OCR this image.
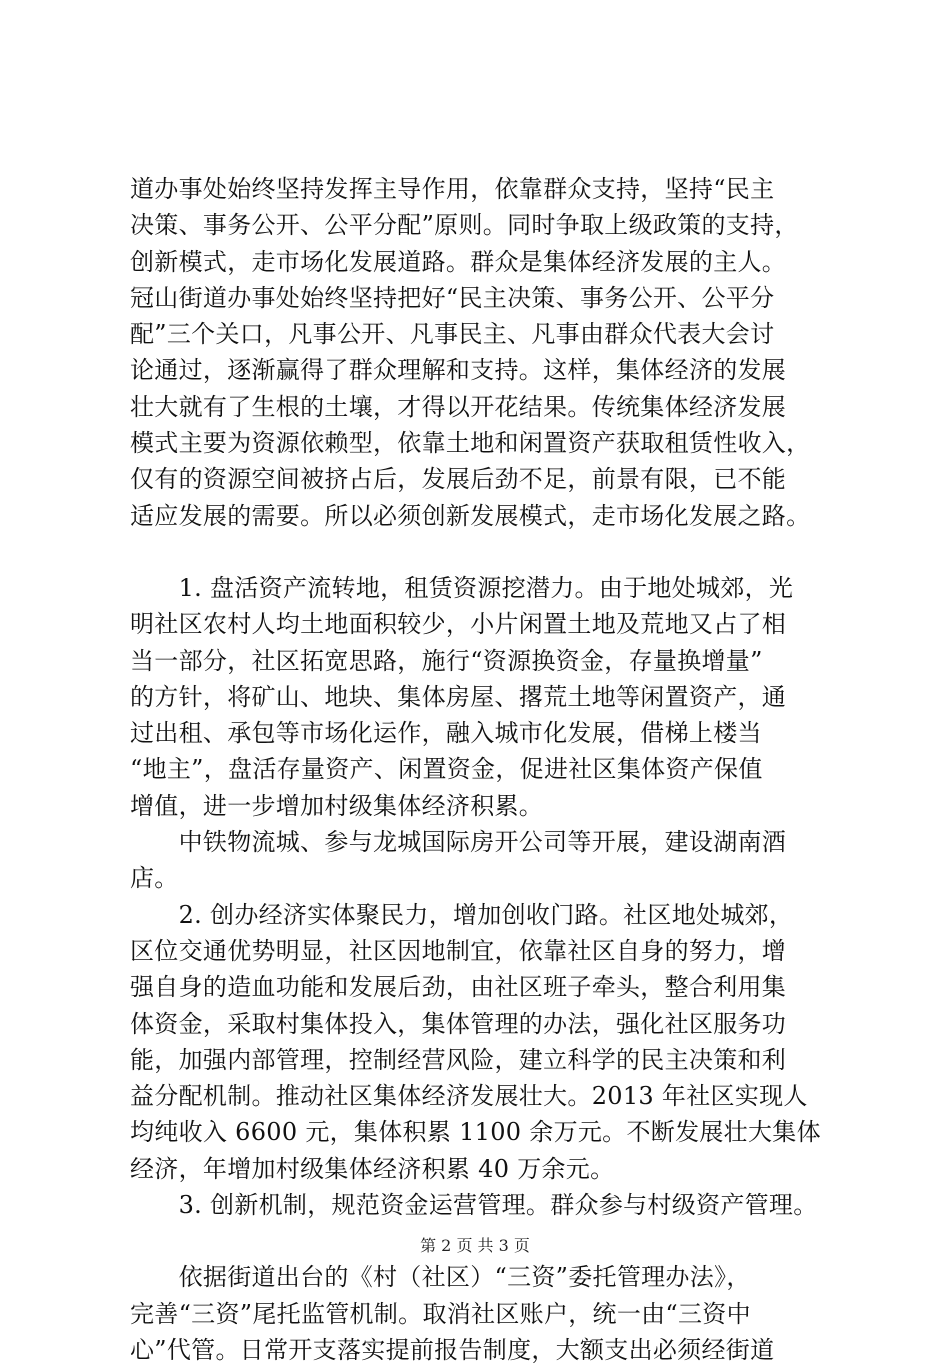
道办事处始终坚持发挥主导作用，依靠群众支持，坚持“民主
决策、事务公开、公平分配”原则。同时争取上级政策的支持，
创新模式，走市场化发展道路。群众是集体经济发展的主人。
冠山街道办事处始终坚持把好“民主决策、事务公开、公平分
配”三个关口，凡事公开、凡事民主、凡事由群众代表大会讨
论通过，逐渐赢得了群众理解和支持。这样，集体经济的发展
壮大就有了生根的土壤，才得以开花结果。传统集体经济发展
模式主要为资源依赖型，依靠土地和闲置资产获取租赁性收入，
仅有的资源空间被挤占后，发展后劲不足，前景有限，已不能
适应发展的需要。所以必须创新发展模式，走市场化发展之路。
　　1. 盘活资产流转地，租赁资源挖潜力。由于地处城郊，光
明社区农村人均土地面积较少，小片闲置土地及荒地又占了相
当一部分，社区拓宽思路，施行“资源换资金，存量换增量”
的方针，将矿山、地块、集体房屋、撂荒土地等闲置资产，通
过出租、承包等市场化运作，融入城市化发展，借梯上楼当
“地主”，盘活存量资产、闲置资金，促进社区集体资产保值
增值，进一步增加村级集体经济积累。
　　中铁物流城、参与龙城国际房开公司等开展，建设湖南酒
店。
　　2. 创办经济实体聚民力，增加创收门路。社区地处城郊，
区位交通优势明显，社区因地制宜，依靠社区自身的努力，增
强自身的造血功能和发展后劲，由社区班子牵头，整合利用集
体资金，采取村集体投入，集体管理的办法，强化社区服务功
能，加强内部管理，控制经营风险，建立科学的民主决策和利
益分配机制。推动社区集体经济发展壮大。2013 年社区实现人
均纯收入 6600 元，集体积累 1100 余万元。不断发展壮大集体
经济，年增加村级集体经济积累 40 万余元。
　　3. 创新机制，规范资金运营管理。群众参与村级资产管理。
　　依据街道出台的《村（社区）“三资”委托管理办法》，
完善“三资”尾托监管机制。取消社区账户，统一由“三资中
心”代管。日常开支落实提前报告制度，大额支出必须经街道
第 2 页 共 3 页
